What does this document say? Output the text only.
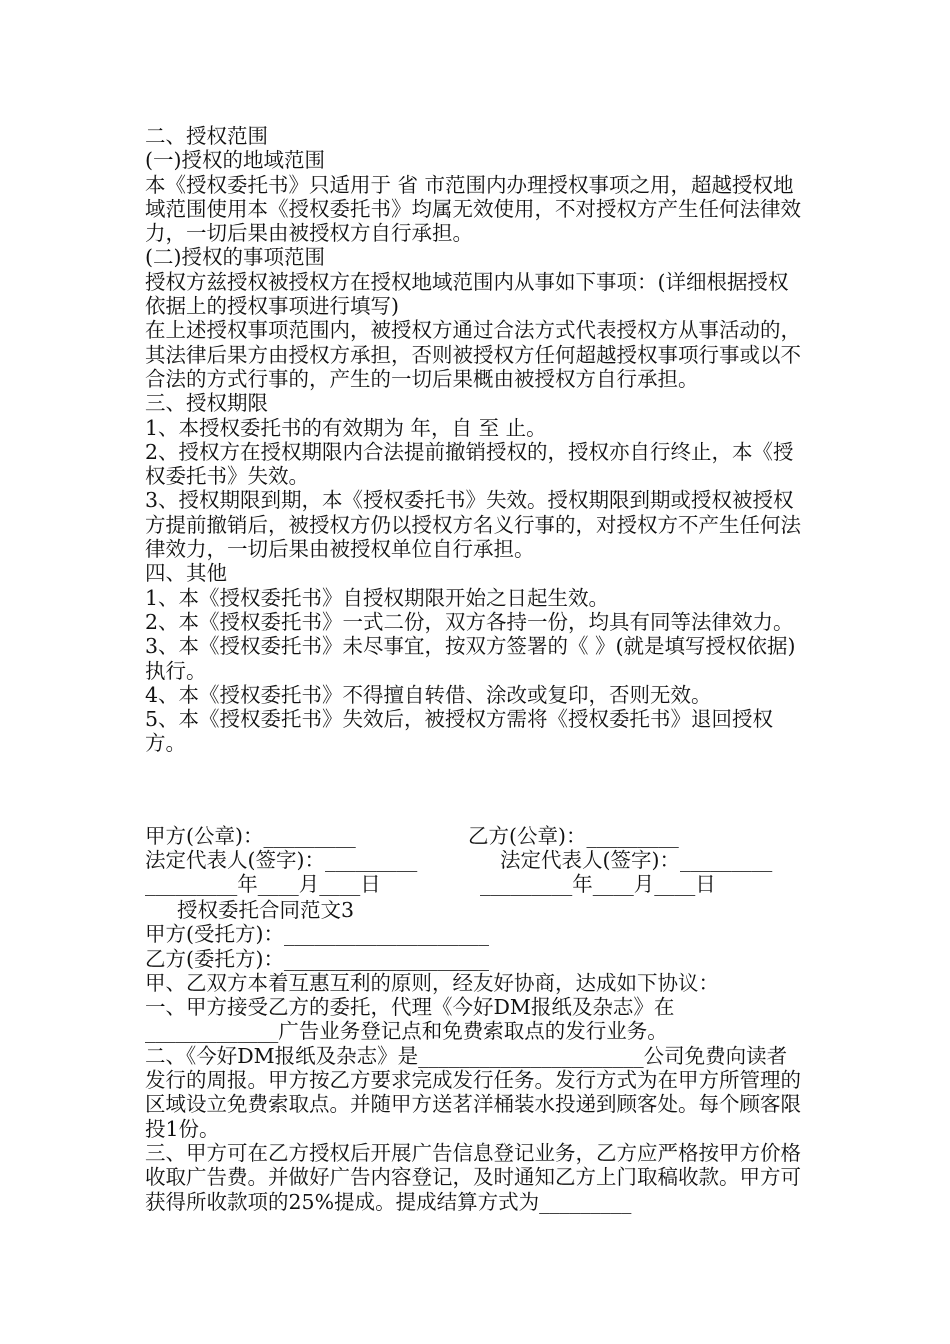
二、授权范围

(一)授权的地域范围

本《授权委托书》只适用于 省 市范围内办理授权事项之用，超越授权地域范围使用本《授权委托书》均属无效使用，不对授权方产生任何法律效力，一切后果由被授权方自行承担。

(二)授权的事项范围

授权方兹授权被授权方在授权地域范围内从事如下事项：(详细根据授权依据上的授权事项进行填写)

在上述授权事项范围内，被授权方通过合法方式代表授权方从事活动的，其法律后果方由授权方承担，否则被授权方任何超越授权事项行事或以不合法的方式行事的，产生的一切后果概由被授权方自行承担。

三、授权期限

1、本授权委托书的有效期为 年，自 至 止。

2、授权方在授权期限内合法提前撤销授权的，授权亦自行终止，本《授权委托书》失效。

3、授权期限到期，本《授权委托书》失效。授权期限到期或授权被授权方提前撤销后，被授权方仍以授权方名义行事的，对授权方不产生任何法律效力，一切后果由被授权单位自行承担。

四、其他

1、本《授权委托书》自授权期限开始之日起生效。

2、本《授权委托书》一式二份，双方各持一份，均具有同等法律效力。

3、本《授权委托书》未尽事宜，按双方签署的《 》(就是填写授权依据)执行。

4、本《授权委托书》不得擅自转借、涂改或复印，否则无效。

5、本《授权委托书》失效后，被授权方需将《授权委托书》退回授权方。

甲方(公章)：_________	乙方(公章)：_________
法定代表人(签字)：_________	法定代表人(签字)：_________
_________年____月____日	_________年____月____日

授权委托合同范文3

甲方(受托方)：____________________

乙方(委托方)：____________________

甲、乙双方本着互惠互利的原则，经友好协商，达成如下协议：

一、甲方接受乙方的委托，代理《今好DM报纸及杂志》在_____________广告业务登记点和免费索取点的发行业务。

二、《今好DM报纸及杂志》是______________________公司免费向读者发行的周报。甲方按乙方要求完成发行任务。发行方式为在甲方所管理的区域设立免费索取点。并随甲方送茗洋桶装水投递到顾客处。每个顾客限投1份。

三、甲方可在乙方授权后开展广告信息登记业务，乙方应严格按甲方价格收取广告费。并做好广告内容登记，及时通知乙方上门取稿收款。甲方可获得所收款项的25%提成。提成结算方式为_________
